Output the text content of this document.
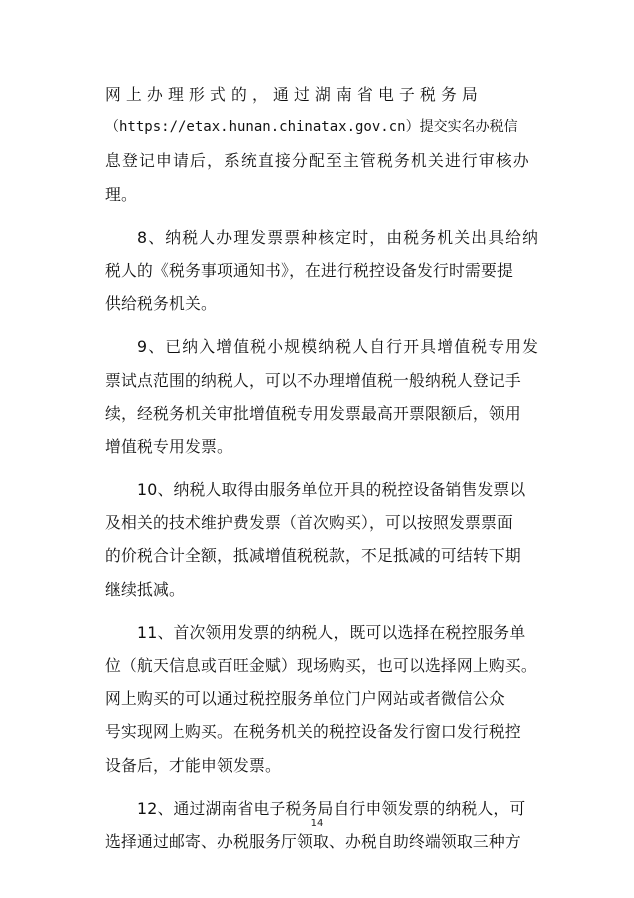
网上办理形式的，通过湖南省电子税务局
（https://etax.hunan.chinatax.gov.cn）提交实名办税信
息登记申请后，系统直接分配至主管税务机关进行审核办
理。
8、纳税人办理发票票种核定时，由税务机关出具给纳
税人的《税务事项通知书》，在进行税控设备发行时需要提
供给税务机关。
9、已纳入增值税小规模纳税人自行开具增值税专用发
票试点范围的纳税人，可以不办理增值税一般纳税人登记手
续，经税务机关审批增值税专用发票最高开票限额后，领用
增值税专用发票。
10、纳税人取得由服务单位开具的税控设备销售发票以
及相关的技术维护费发票（首次购买），可以按照发票票面
的价税合计全额，抵减增值税税款，不足抵减的可结转下期
继续抵减。
11、首次领用发票的纳税人，既可以选择在税控服务单
位（航天信息或百旺金赋）现场购买，也可以选择网上购买。
网上购买的可以通过税控服务单位门户网站或者微信公众
号实现网上购买。在税务机关的税控设备发行窗口发行税控
设备后，才能申领发票。
12、通过湖南省电子税务局自行申领发票的纳税人，可
选择通过邮寄、办税服务厅领取、办税自助终端领取三种方
14
